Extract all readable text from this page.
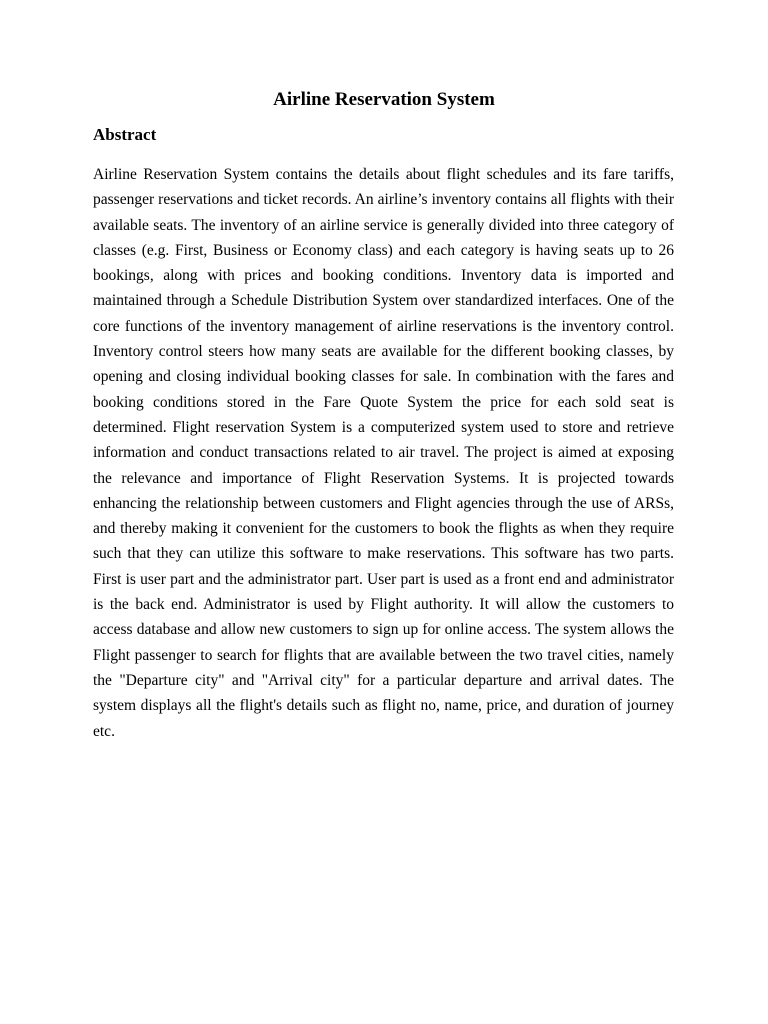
Airline Reservation System
Abstract

Airline Reservation System contains the details about flight schedules and its fare tariffs, passenger reservations and ticket records. An airline’s inventory contains all flights with their available seats. The inventory of an airline service is generally divided into three category of classes (e.g. First, Business or Economy class) and each category is having seats up to 26 bookings, along with prices and booking conditions. Inventory data is imported and maintained through a Schedule Distribution System over standardized interfaces. One of the core functions of the inventory management of airline reservations is the inventory control. Inventory control steers how many seats are available for the different booking classes, by opening and closing individual booking classes for sale. In combination with the fares and booking conditions stored in the Fare Quote System the price for each sold seat is determined. Flight reservation System is a computerized system used to store and retrieve information and conduct transactions related to air travel. The project is aimed at exposing the relevance and importance of Flight Reservation Systems. It is projected towards enhancing the relationship between customers and Flight agencies through the use of ARSs, and thereby making it convenient for the customers to book the flights as when they require such that they can utilize this software to make reservations. This software has two parts. First is user part and the administrator part. User part is used as a front end and administrator is the back end. Administrator is used by Flight authority. It will allow the customers to access database and allow new customers to sign up for online access. The system allows the Flight passenger to search for flights that are available between the two travel cities, namely the "Departure city" and "Arrival city" for a particular departure and arrival dates. The system displays all the flight's details such as flight no, name, price, and duration of journey etc.
